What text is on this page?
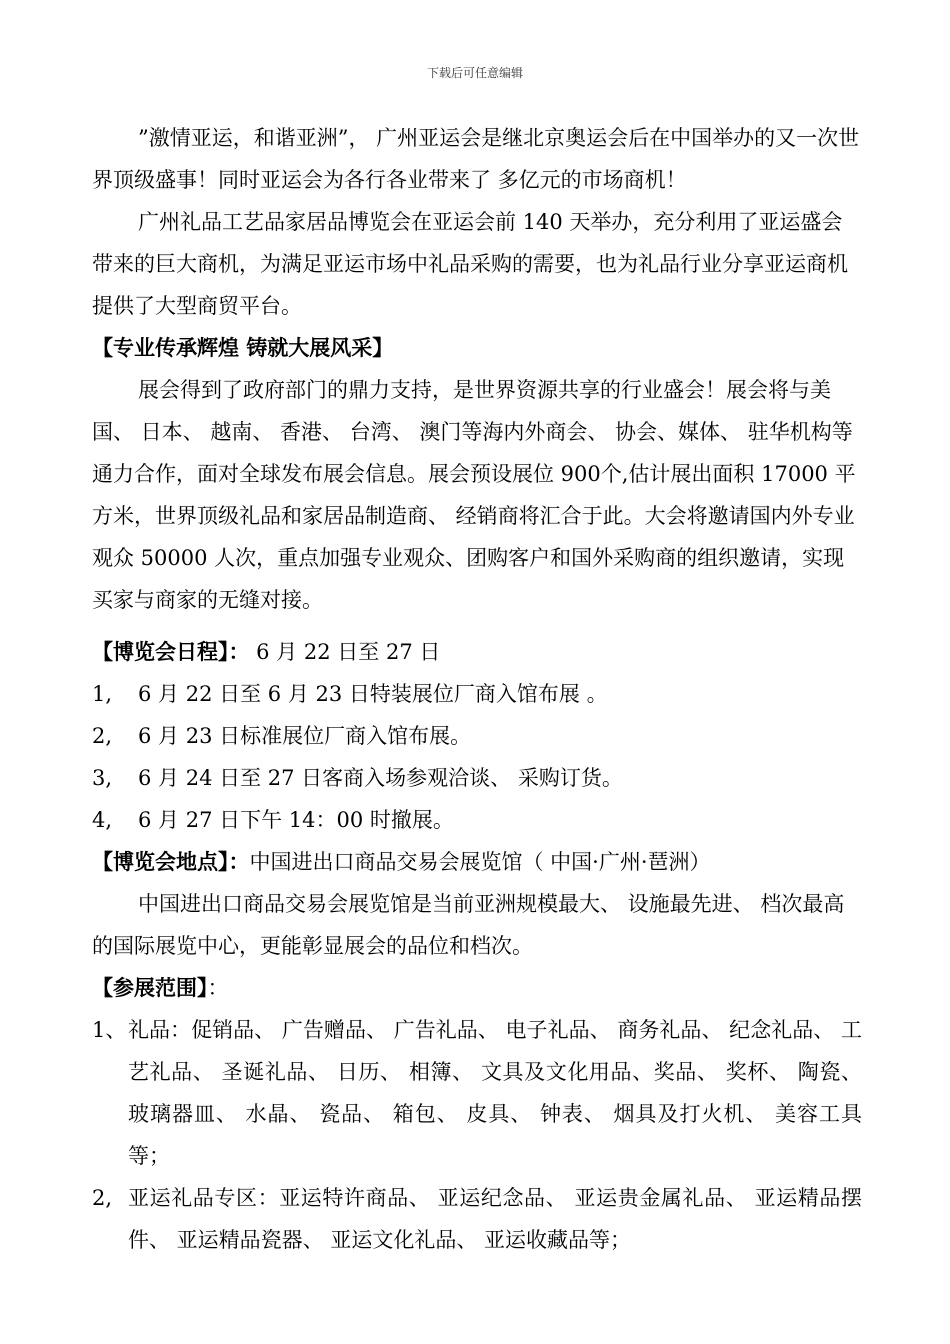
下载后可任意编辑

”激情亚运，和谐亚洲”， 广州亚运会是继北京奥运会后在中国举办的又一次世界顶级盛事！同时亚运会为各行各业带来了 多亿元的市场商机！

广州礼品工艺品家居品博览会在亚运会前 140 天举办，充分利用了亚运盛会带来的巨大商机，为满足亚运市场中礼品采购的需要，也为礼品行业分享亚运商机提供了大型商贸平台。

【专业传承辉煌 铸就大展风采】

展会得到了政府部门的鼎力支持，是世界资源共享的行业盛会！展会将与美国、 日本、 越南、 香港、 台湾、 澳门等海内外商会、 协会、媒体、 驻华机构等通力合作，面对全球发布展会信息。展会预设展位 900个,估计展出面积 17000 平方米，世界顶级礼品和家居品制造商、 经销商将汇合于此。大会将邀请国内外专业观众 50000 人次，重点加强专业观众、团购客户和国外采购商的组织邀请，实现买家与商家的无缝对接。

【博览会日程】： 6 月 22 日至 27 日

1,	6 月 22 日至 6 月 23 日特装展位厂商入馆布展 。
2,	6 月 23 日标准展位厂商入馆布展。
3,	6 月 24 日至 27 日客商入场参观洽谈、 采购订货。
4,	6 月 27 日下午 14：00 时撤展。

【博览会地点】：中国进出口商品交易会展览馆（ 中国·广州·琶洲）

中国进出口商品交易会展览馆是当前亚洲规模最大、 设施最先进、 档次最高的国际展览中心，更能彰显展会的品位和档次。

【参展范围】：

1、 礼品：促销品、 广告赠品、 广告礼品、 电子礼品、 商务礼品、 纪念礼品、 工艺礼品、 圣诞礼品、 日历、 相簿、 文具及文化用品、奖品、 奖杯、 陶瓷、 玻璃器皿、 水晶、 瓷品、 箱包、 皮具、 钟表、 烟具及打火机、 美容工具等；
2, 亚运礼品专区：亚运特许商品、 亚运纪念品、 亚运贵金属礼品、 亚运精品摆件、 亚运精品瓷器、 亚运文化礼品、 亚运收藏品等；
